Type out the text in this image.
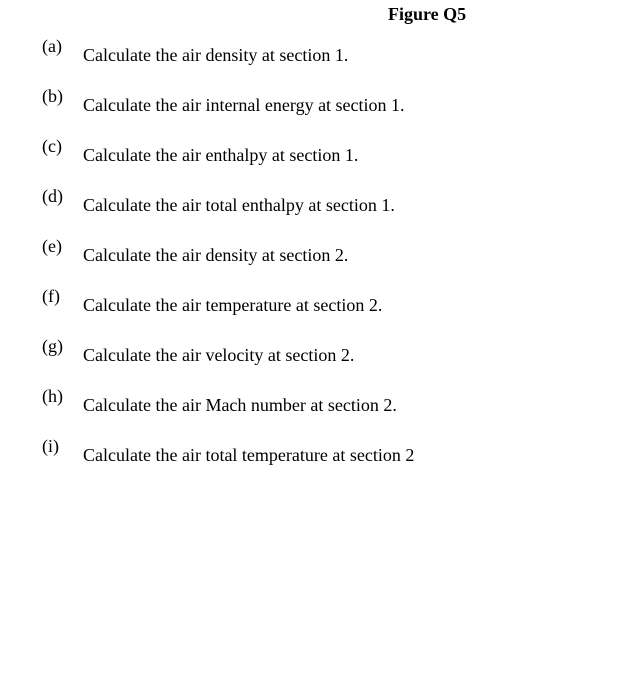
Figure Q5
(a) Calculate the air density at section 1.
(b) Calculate the air internal energy at section 1.
(c) Calculate the air enthalpy at section 1.
(d) Calculate the air total enthalpy at section 1.
(e) Calculate the air density at section 2.
(f) Calculate the air temperature at section 2.
(g) Calculate the air velocity at section 2.
(h) Calculate the air Mach number at section 2.
(i) Calculate the air total temperature at section 2
